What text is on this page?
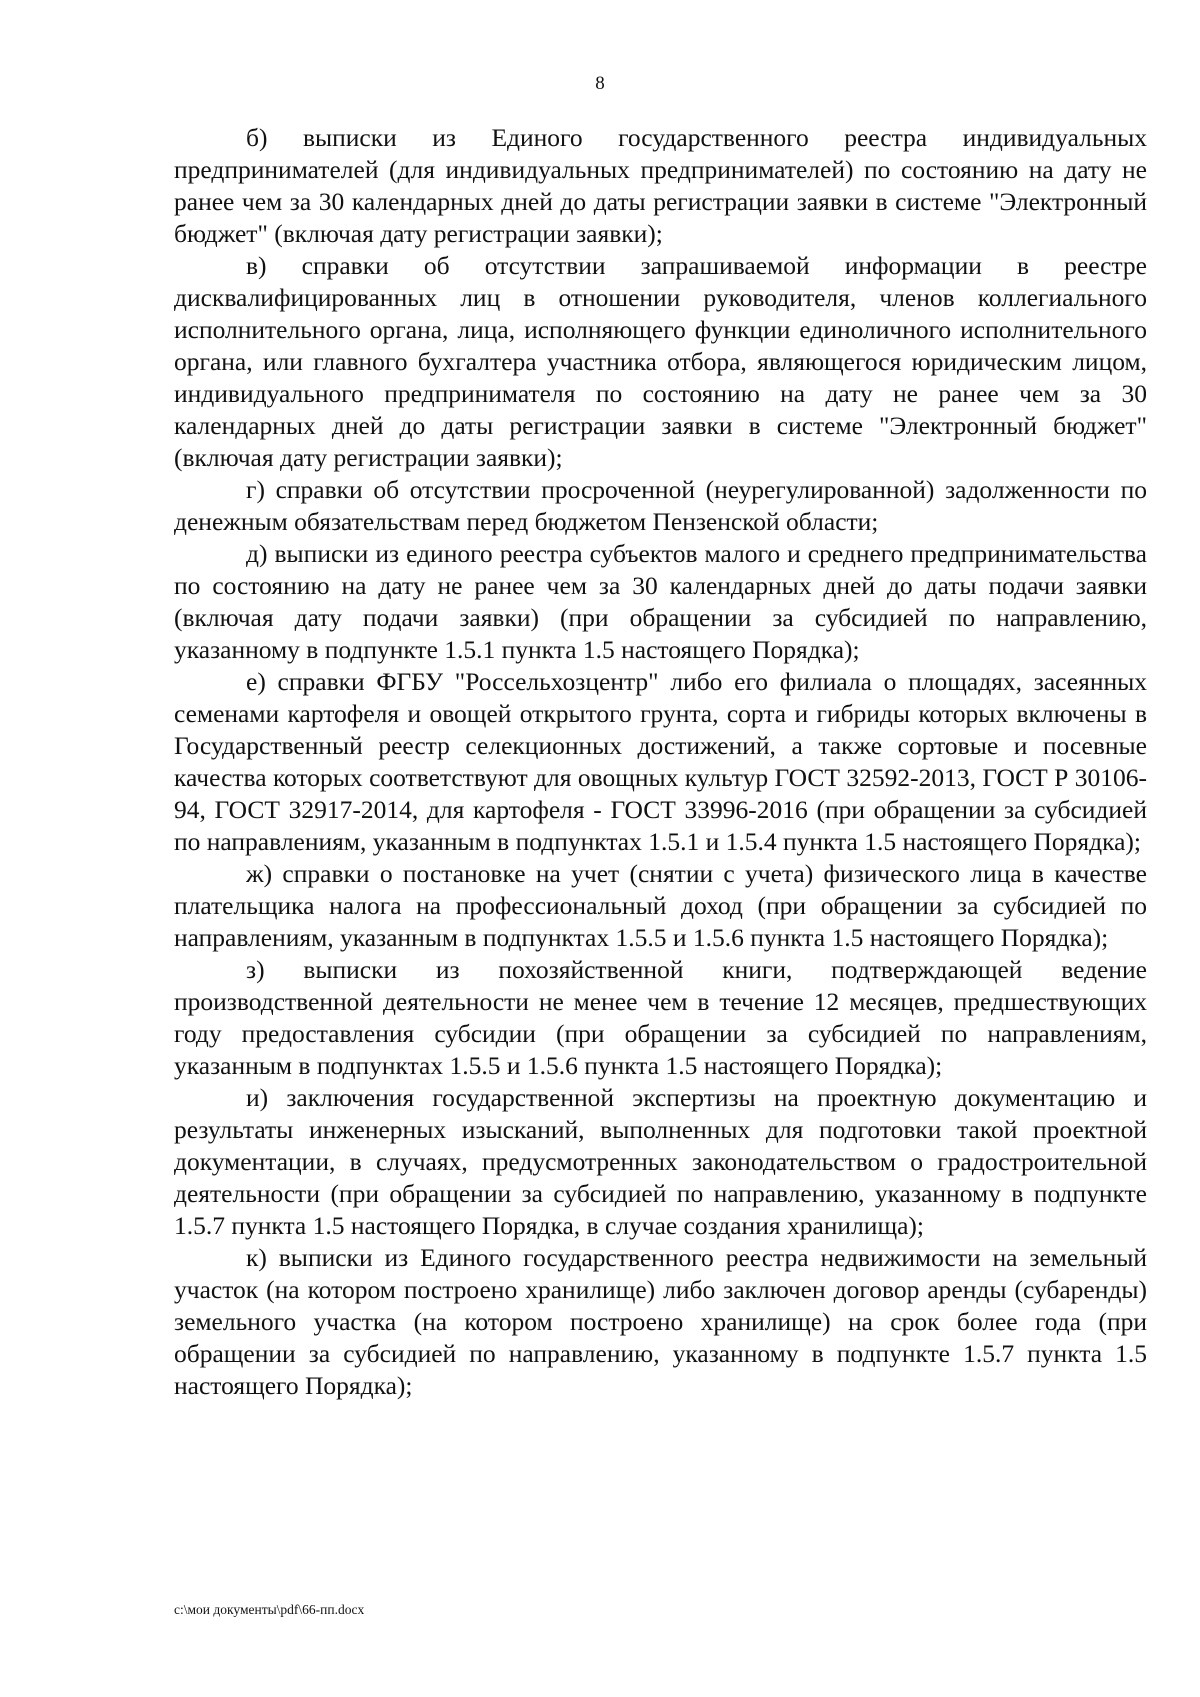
8

б) выписки из Единого государственного реестра индивидуальных предпринимателей (для индивидуальных предпринимателей) по состоянию на дату не ранее чем за 30 календарных дней до даты регистрации заявки в системе "Электронный бюджет" (включая дату регистрации заявки);

в) справки об отсутствии запрашиваемой информации в реестре дисквалифицированных лиц в отношении руководителя, членов коллегиального исполнительного органа, лица, исполняющего функции единоличного исполнительного органа, или главного бухгалтера участника отбора, являющегося юридическим лицом, индивидуального предпринимателя по состоянию на дату не ранее чем за 30 календарных дней до даты регистрации заявки в системе "Электронный бюджет" (включая дату регистрации заявки);

г) справки об отсутствии просроченной (неурегулированной) задолженности по денежным обязательствам перед бюджетом Пензенской области;

д) выписки из единого реестра субъектов малого и среднего предпринимательства по состоянию на дату не ранее чем за 30 календарных дней до даты подачи заявки (включая дату подачи заявки) (при обращении за субсидией по направлению, указанному в подпункте 1.5.1 пункта 1.5 настоящего Порядка);

е) справки ФГБУ "Россельхозцентр" либо его филиала о площадях, засеянных семенами картофеля и овощей открытого грунта, сорта и гибриды которых включены в Государственный реестр селекционных достижений, а также сортовые и посевные качества которых соответствуют для овощных культур ГОСТ 32592-2013, ГОСТ Р 30106-94, ГОСТ 32917-2014, для картофеля - ГОСТ 33996-2016 (при обращении за субсидией по направлениям, указанным в подпунктах 1.5.1 и 1.5.4 пункта 1.5 настоящего Порядка);

ж) справки о постановке на учет (снятии с учета) физического лица в качестве плательщика налога на профессиональный доход (при обращении за субсидией по направлениям, указанным в подпунктах 1.5.5 и 1.5.6 пункта 1.5 настоящего Порядка);

з) выписки из похозяйственной книги, подтверждающей ведение производственной деятельности не менее чем в течение 12 месяцев, предшествующих году предоставления субсидии (при обращении за субсидией по направлениям, указанным в подпунктах 1.5.5 и 1.5.6 пункта 1.5 настоящего Порядка);

и) заключения государственной экспертизы на проектную документацию и результаты инженерных изысканий, выполненных для подготовки такой проектной документации, в случаях, предусмотренных законодательством о градостроительной деятельности (при обращении за субсидией по направлению, указанному в подпункте 1.5.7 пункта 1.5 настоящего Порядка, в случае создания хранилища);

к) выписки из Единого государственного реестра недвижимости на земельный участок (на котором построено хранилище) либо заключен договор аренды (субаренды) земельного участка (на котором построено хранилище) на срок более года (при обращении за субсидией по направлению, указанному в подпункте 1.5.7 пункта 1.5 настоящего Порядка);

c:\мои документы\pdf\66-пп.docx
